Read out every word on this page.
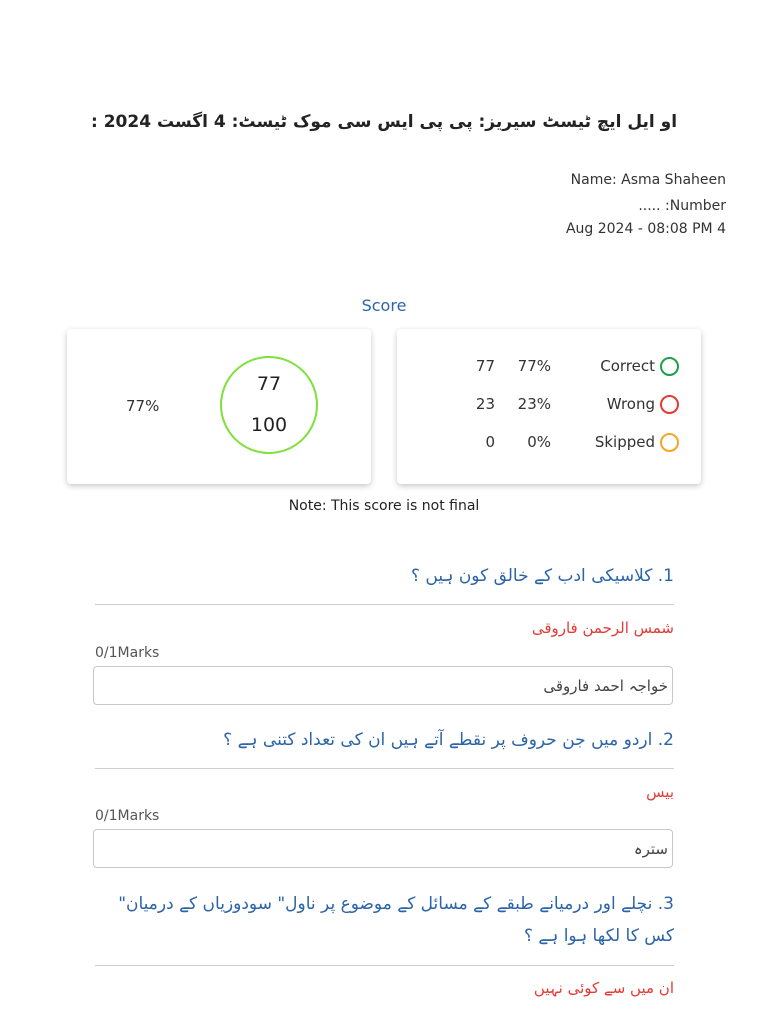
او ایل ایچ ٹیسٹ سیریز: پی پی ایس سی موک ٹیسٹ: 4 اگست 2024 :
Name: Asma Shaheen
..... :Number
Aug 2024 - 08:08 PM 4
Score
77%
77
100
77 77%	Correct
23 23%	Wrong
0 0%	Skipped
Note: This score is not final
1. کلاسیکی ادب کے خالق کون ہیں ؟
شمس الرحمن فاروقی
0/1Marks
خواجہ احمد فاروقی
2. اردو میں جن حروف پر نقطے آتے ہیں ان کی تعداد کتنی ہے ؟
بیس
0/1Marks
سترہ
3. نچلے اور درمیانے طبقے کے مسائل کے موضوع پر ناول" سودوزیاں کے درمیان" کس کا لکھا ہوا ہے ؟
ان میں سے کوئی نہیں
